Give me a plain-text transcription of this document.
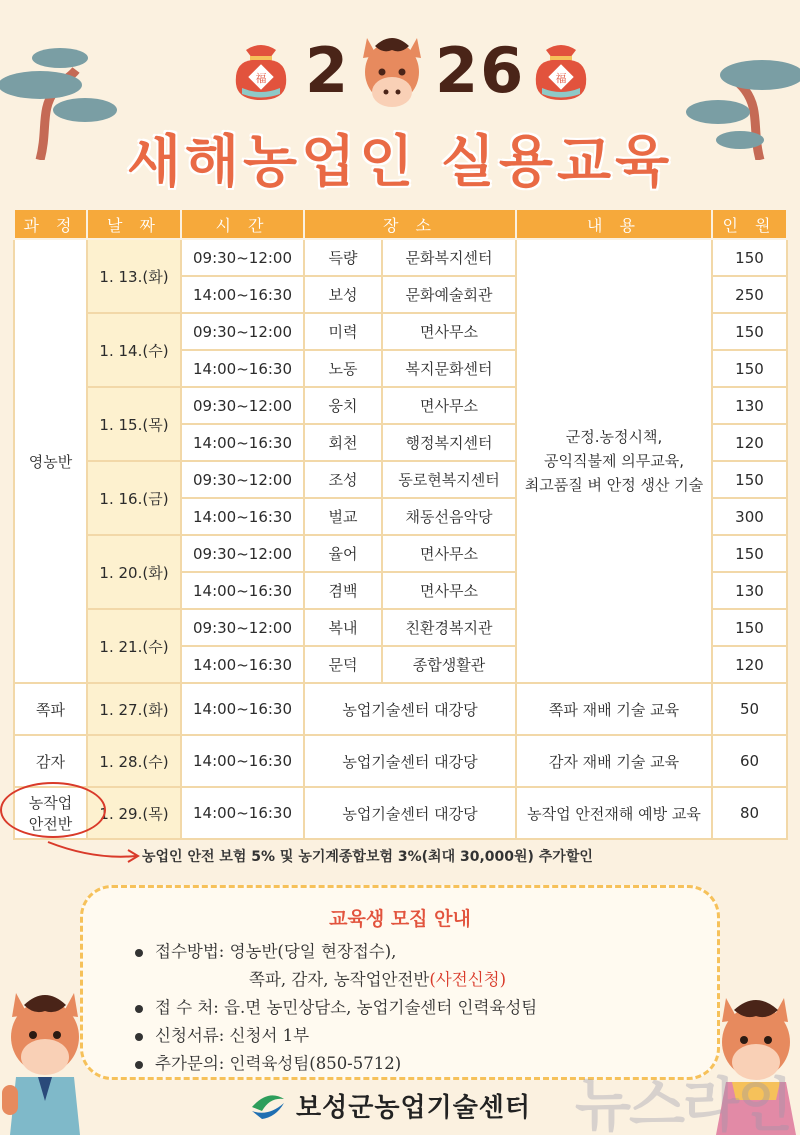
福 2 26	福
새해농업인 실용교육
과 정	날 짜	시 간	장 소		내 용	인 원
영농반	1. 13.(화)	09:30~12:00	득량	문화복지센터	군정.농정시책,
공익직불제 의무교육,
최고품질 벼 안정 생산 기술	150
		14:00~16:30	보성	문화예술회관		250
	1. 14.(수)	09:30~12:00	미력	면사무소		150
		14:00~16:30	노동	복지문화센터		150
	1. 15.(목)	09:30~12:00	웅치	면사무소		130
		14:00~16:30	회천	행정복지센터		120
	1. 16.(금)	09:30~12:00	조성	동로현복지센터		150
		14:00~16:30	벌교	채동선음악당		300
	1. 20.(화)	09:30~12:00	율어	면사무소		150
		14:00~16:30	겸백	면사무소		130
	1. 21.(수)	09:30~12:00	복내	친환경복지관		150
		14:00~16:30	문덕	종합생활관		120
쪽파	1. 27.(화)	14:00~16:30	농업기술센터 대강당		쪽파 재배 기술 교육	50
감자	1. 28.(수)	14:00~16:30	농업기술센터 대강당		감자 재배 기술 교육	60

농작업
안전반	1. 29.(목)	14:00~16:30	농업기술센터 대강당		농작업 안전재해 예방 교육	80
농업인 안전 보험 5% 및 농기계종합보험 3%(최대 30,000원) 추가할인
교육생 모집 안내
접수방법: 영농반(당일 현장접수),
쪽파, 감자, 농작업안전반(사전신청)
접 수 처: 읍.면 농민상담소, 농업기술센터 인력육성팀
신청서류: 신청서 1부
추가문의: 인력육성팀(850-5712)
보성군농업기술센터 뉴스라인
